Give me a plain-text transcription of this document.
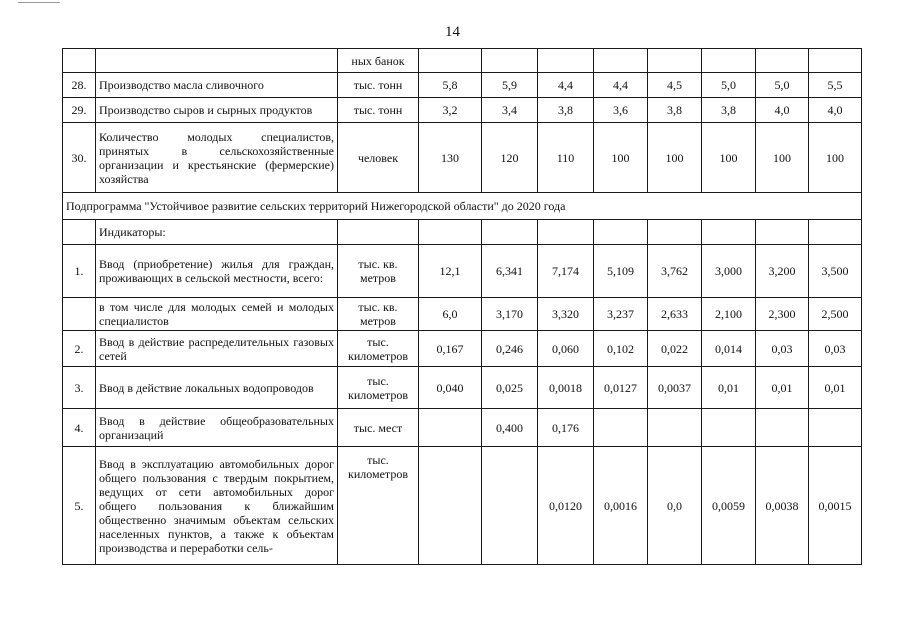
14
		ных банок								
28.	Производство масла сливочного	тыс. тонн	5,8	5,9	4,4	4,4	4,5	5,0	5,0	5,5
29.	Производство сыров и сырных продуктов	тыс. тонн	3,2	3,4	3,8	3,6	3,8	3,8	4,0	4,0
30.	Количество молодых специалистов, принятых в сельскохозяйственные организации и крестьянские (фермерские) хозяйства	человек	130	120	110	100	100	100	100	100
Подпрограмма "Устойчивое развитие сельских территорий Нижегородской области" до 2020 года										
	Индикаторы:									
1.	Ввод (приобретение) жилья для граждан, проживающих в сельской местности, всего:	тыс. кв. метров	12,1	6,341	7,174	5,109	3,762	3,000	3,200	3,500
	в том числе для молодых семей и молодых специалистов	тыс. кв. метров	6,0	3,170	3,320	3,237	2,633	2,100	2,300	2,500
2.	Ввод в действие распределительных газовых сетей	тыс. километров	0,167	0,246	0,060	0,102	0,022	0,014	0,03	0,03
3.	Ввод в действие локальных водопроводов	тыс. километров	0,040	0,025	0,0018	0,0127	0,0037	0,01	0,01	0,01
4.	Ввод в действие общеобразовательных организаций	тыс. мест		0,400	0,176					
5.	Ввод в эксплуатацию автомобильных дорог общего пользования с твердым покрытием, ведущих от сети автомобильных дорог общего пользования к ближайшим общественно значимым объектам сельских населенных пунктов, а также к объектам производства и переработки сель-	тыс. километров			0,0120	0,0016	0,0	0,0059	0,0038	0,0015
